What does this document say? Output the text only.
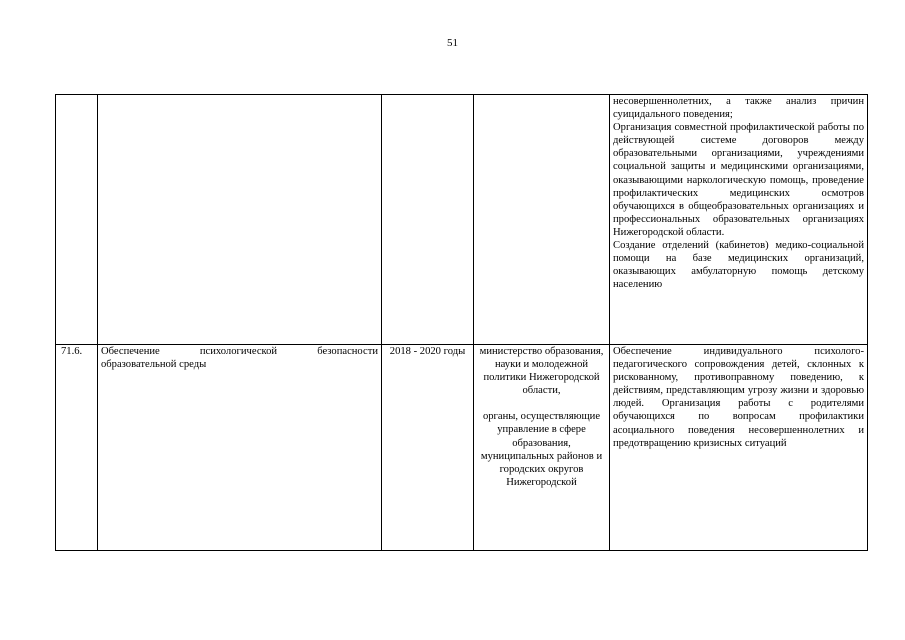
51

				несовершеннолетних, а также анализ причин суицидального поведения;

Организация совместной профилактической работы по действующей системе договоров между образовательными организациями, учреждениями социальной защиты и медицинскими организациями, оказывающими наркологическую помощь, проведение профилактических медицинских осмотров обучающихся в общеобразовательных организациях и профессиональных образовательных организациях Нижегородской области.

Создание отделений (кабинетов) медико-социальной помощи на базе медицинских организаций, оказывающих амбулаторную помощь детскому населению

71.6.	Обеспечение психологической безопасности образовательной среды	2018 - 2020 годы	министерство образования, науки и молодежной политики Нижегородской области,

органы, осуществляющие управление в сфере образования, муниципальных районов и городских округов Нижегородской	Обеспечение индивидуального психолого-педагогического сопровождения детей, склонных к рискованному, противоправному поведению, к действиям, представляющим угрозу жизни и здоровью людей. Организация работы с родителями обучающихся по вопросам профилактики асоциального поведения несовершеннолетних и предотвращению кризисных ситуаций
